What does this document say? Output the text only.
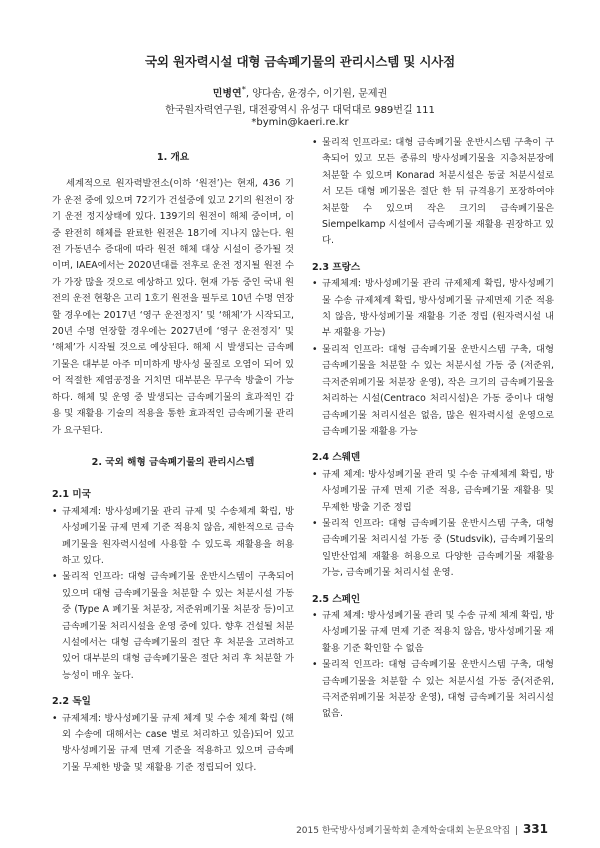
국외 원자력시설 대형 금속폐기물의 관리시스템 및 시사점
민병연*, 양다솜, 윤경수, 이기원, 문제권
한국원자력연구원, 대전광역시 유성구 대덕대로 989번길 111
*bymin@kaeri.re.kr
1. 개요

세계적으로 원자력발전소(이하 ‘원전’)는 현재, 436 기가 운전 중에 있으며 72기가 건설중에 있고 2기의 원전이 장기 운전 정지상태에 있다. 139기의 원전이 해체 중이며, 이 중 완전히 해체를 완료한 원전은 18기에 지나지 않는다. 원전 가동년수 증대에 따라 원전 해체 대상 시설이 증가될 것이며, IAEA에서는 2020년대를 전후로 운전 정지될 원전 수가 가장 많을 것으로 예상하고 있다. 현재 가동 중인 국내 원전의 운전 현황은 고리 1호기 원전을 필두로 10년 수명 연장할 경우에는 2017년 ‘영구 운전정지’ 및 ‘해체’가 시작되고, 20년 수명 연장할 경우에는 2027년에 ‘영구 운전정지’ 및 ‘해체’가 시작될 것으로 예상된다. 해체 시 발생되는 금속폐기물은 대부분 아주 미미하게 방사성 물질로 오염이 되어 있어 적절한 제염공정을 거치면 대부분은 무구속 방출이 가능하다. 해체 및 운영 중 발생되는 금속폐기물의 효과적인 감용 및 재활용 기술의 적용을 통한 효과적인 금속폐기물 관리가 요구된다.

2. 국외 해형 금속폐기물의 관리시스템
2.1 미국
• 규제체계: 방사성폐기물 관리 규제 및 수송체계 확립, 방사성폐기물 규제 면제 기준 적용치 않음, 제한적으로 금속폐기물을 원자력시설에 사용할 수 있도록 재활용을 허용하고 있다.
• 물리적 인프라: 대형 금속폐기물 운반시스템이 구축되어 있으며 대형 금속폐기물을 처분할 수 있는 처분시설 가동 중 (Type A 폐기물 처분장, 저준위폐기물 처분장 등)이고 금속폐기물 처리시설을 운영 중에 있다. 향후 건설될 처분시설에서는 대형 금속폐기물의 절단 후 처분을 고려하고 있어 대부분의 대형 금속폐기물은 절단 처리 후 처분할 가능성이 매우 높다.
2.2 독일
• 규제체계: 방사성폐기물 규제 체계 및 수송 체계 확립 (해외 수송에 대해서는 case 별로 처리하고 있음)되어 있고 방사성폐기물 규제 면제 기준을 적용하고 있으며 금속폐기물 무제한 방출 및 재활용 기준 정립되어 있다.
• 물리적 인프라로: 대형 금속폐기물 운반시스템 구축이 구축되어 있고 모든 종류의 방사성폐기물을 지층처분장에 처분할 수 있으며 Konarad 처분시설은 동굴 처분시설로서 모든 대형 폐기물은 절단 한 뒤 규격용기 포장하여야 처분할 수 있으며 작은 크기의 금속폐기물은 Siempelkamp 시설에서 금속폐기물 재활용 권장하고 있다.
2.3 프랑스
• 규제체계: 방사성폐기물 관리 규제체계 확립, 방사성폐기물 수송 규제체계 확립, 방사성폐기물 규제면제 기준 적용치 않음, 방사성폐기물 재활용 기준 정립 (원자력시설 내부 재활용 가능)
• 물리적 인프라: 대형 금속폐기물 운반시스템 구축, 대형 금속폐기물을 처분할 수 있는 처분시설 가동 중 (저준위, 극저준위폐기물 처분장 운영), 작은 크기의 금속폐기물을 처리하는 시설(Centraco 처리시설)은 가동 중이나 대형 금속폐기물 처리시설은 없음, 많은 원자력시설 운영으로 금속폐기물 재활용 가능
2.4 스웨덴
• 규제 체계: 방사성폐기물 관리 및 수송 규제체계 확립, 방사성폐기물 규제 면제 기준 적용, 금속폐기물 재활용 및 무제한 방출 기준 정립
• 물리적 인프라: 대형 금속폐기물 운반시스템 구축, 대형 금속폐기물 처리시설 가동 중 (Studsvik), 금속폐기물의 일반산업체 재활용 허용으로 다양한 금속폐기물 재활용 가능, 금속폐기물 처리시설 운영.
2.5 스페인
• 규제 체계: 방사성폐기물 관리 및 수송 규제 체계 확립, 방사성폐기물 규제 면제 기준 적용치 않음, 방사성폐기물 재활용 기준 확인할 수 없음
• 물리적 인프라: 대형 금속폐기물 운반시스템 구축, 대형 금속폐기물을 처분할 수 있는 처분시설 가동 중(저준위, 극저준위폐기물 처분장 운영), 대형 금속폐기물 처리시설 없음.
2015 한국방사성폐기물학회 춘계학술대회 논문요약집 | 331
